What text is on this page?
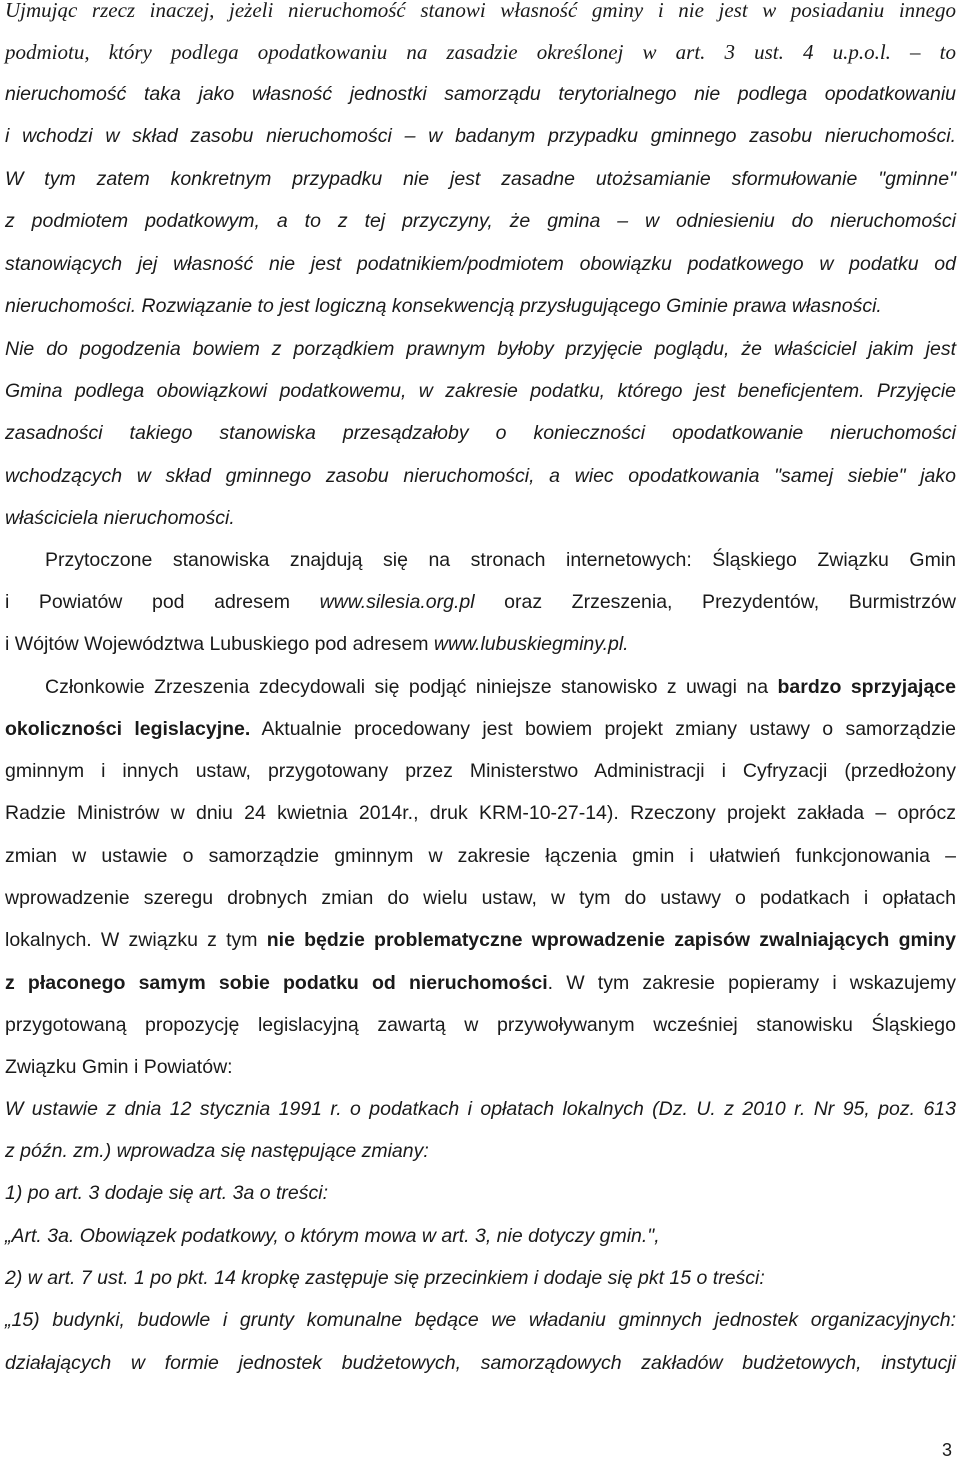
Ujmując rzecz inaczej, jeżeli nieruchomość stanowi własność gminy i nie jest w posiadaniu innego
podmiotu, który podlega opodatkowaniu na zasadzie określonej w art. 3 ust. 4 u.p.o.l. – to
nieruchomość taka jako własność jednostki samorządu terytorialnego nie podlega opodatkowaniu
i wchodzi w skład zasobu nieruchomości – w badanym przypadku gminnego zasobu nieruchomości.
W tym zatem konkretnym przypadku nie jest zasadne utożsamianie sformułowanie "gminne"
z podmiotem podatkowym, a to z tej przyczyny, że gmina – w odniesieniu do nieruchomości
stanowiących jej własność nie jest podatnikiem/podmiotem obowiązku podatkowego w podatku od
nieruchomości. Rozwiązanie to jest logiczną konsekwencją przysługującego Gminie prawa własności.
Nie do pogodzenia bowiem z porządkiem prawnym byłoby przyjęcie poglądu, że właściciel jakim jest
Gmina podlega obowiązkowi podatkowemu, w zakresie podatku, którego jest beneficjentem. Przyjęcie
zasadności takiego stanowiska przesądzałoby o konieczności opodatkowanie nieruchomości
wchodzących w skład gminnego zasobu nieruchomości, a wiec opodatkowania "samej siebie" jako
właściciela nieruchomości.
Przytoczone stanowiska znajdują się na stronach internetowych: Śląskiego Związku Gmin
i Powiatów pod adresem www.silesia.org.pl oraz Zrzeszenia, Prezydentów, Burmistrzów
i Wójtów Województwa Lubuskiego pod adresem www.lubuskiegminy.pl.
Członkowie Zrzeszenia zdecydowali się podjąć niniejsze stanowisko z uwagi na bardzo sprzyjające
okoliczności legislacyjne. Aktualnie procedowany jest bowiem projekt zmiany ustawy o samorządzie
gminnym i innych ustaw, przygotowany przez Ministerstwo Administracji i Cyfryzacji (przedłożony
Radzie Ministrów w dniu 24 kwietnia 2014r., druk KRM-10-27-14). Rzeczony projekt zakłada – oprócz
zmian w ustawie o samorządzie gminnym w zakresie łączenia gmin i ułatwień funkcjonowania –
wprowadzenie szeregu drobnych zmian do wielu ustaw, w tym do ustawy o podatkach i opłatach
lokalnych. W związku z tym nie będzie problematyczne wprowadzenie zapisów zwalniających gminy
z płaconego samym sobie podatku od nieruchomości. W tym zakresie popieramy i wskazujemy
przygotowaną propozycję legislacyjną zawartą w przywoływanym wcześniej stanowisku Śląskiego
Związku Gmin i Powiatów:
W ustawie z dnia 12 stycznia 1991 r. o podatkach i opłatach lokalnych (Dz. U. z 2010 r. Nr 95, poz. 613
z późn. zm.) wprowadza się następujące zmiany:
1) po art. 3 dodaje się art. 3a o treści:
„Art. 3a. Obowiązek podatkowy, o którym mowa w art. 3, nie dotyczy gmin.",
2) w art. 7 ust. 1 po pkt. 14 kropkę zastępuje się przecinkiem i dodaje się pkt 15 o treści:
„15) budynki, budowle i grunty komunalne będące we władaniu gminnych jednostek organizacyjnych:
działających w formie jednostek budżetowych, samorządowych zakładów budżetowych, instytucji
3
